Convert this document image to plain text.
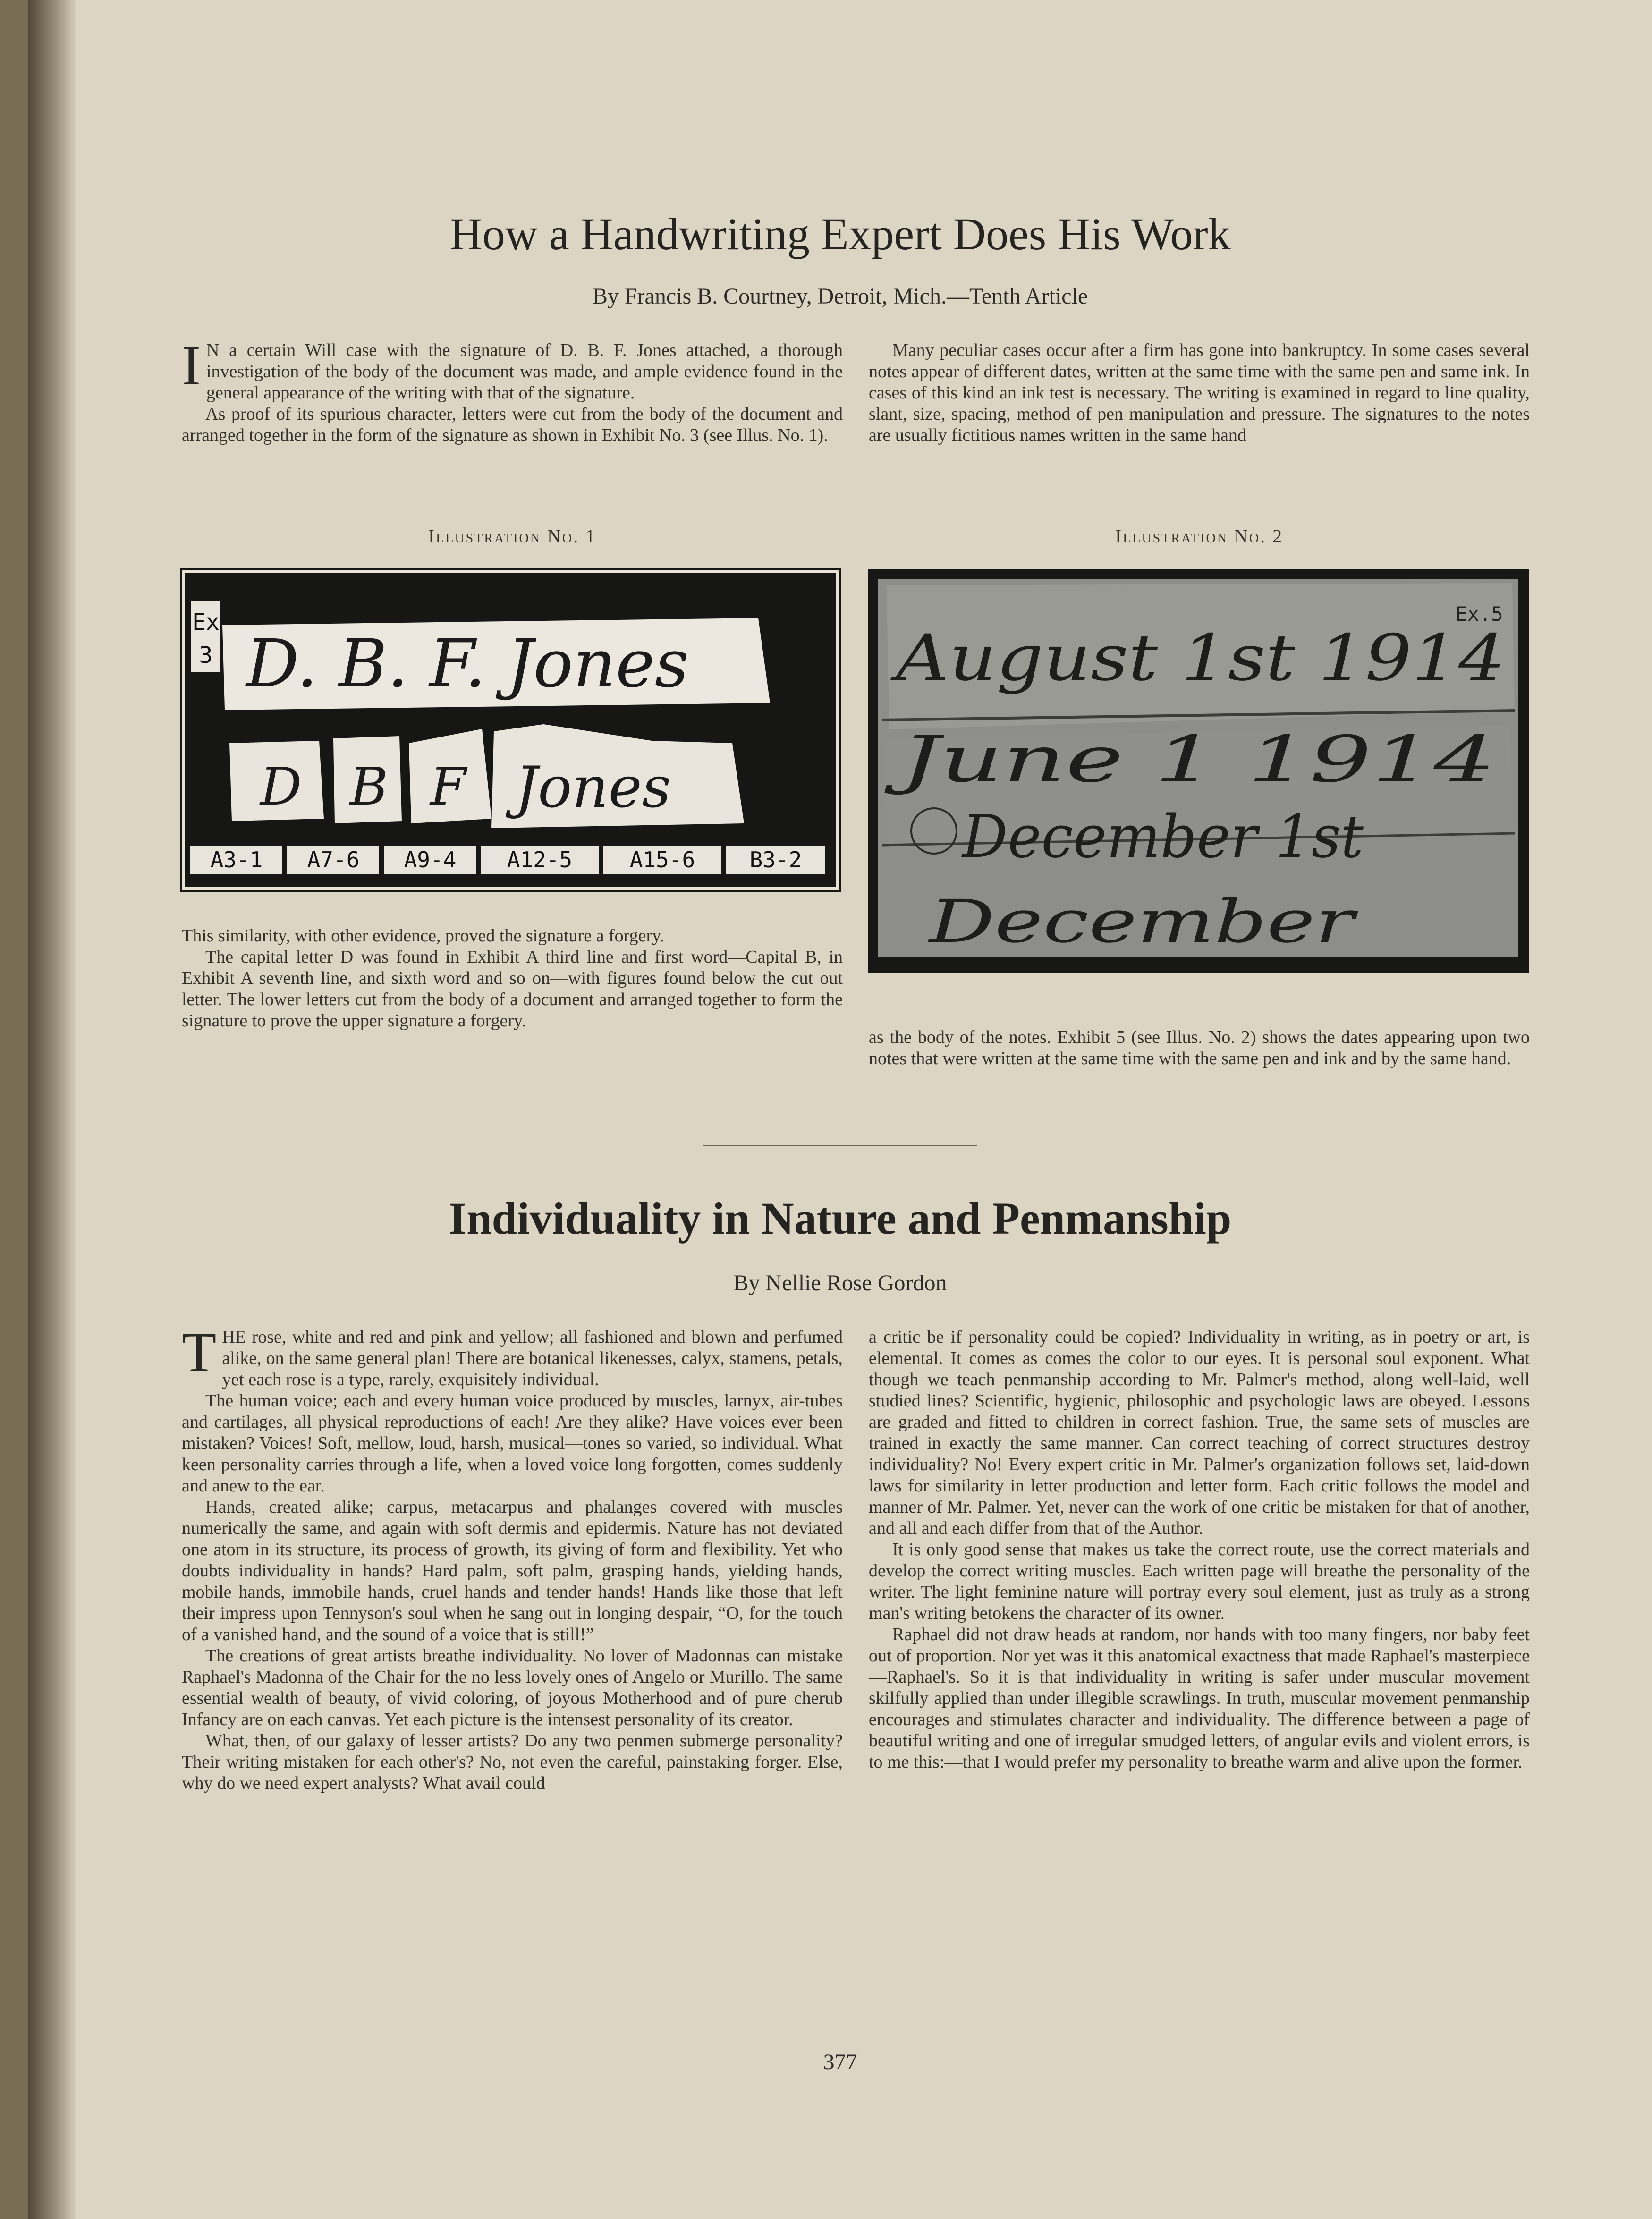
How a Handwriting Expert Does His Work
By Francis B. Courtney, Detroit, Mich.—Tenth Article

I N a certain Will case with the signature of D. B. F. Jones attached, a thorough investigation of the body of the document was made, and ample evidence found in the general appearance of the writing with that of the signature.

As proof of its spurious character, letters were cut from the body of the document and arranged together in the form of the signature as shown in Exhibit No. 3 (see Illus. No. 1).

Many peculiar cases occur after a firm has gone into bankruptcy. In some cases several notes appear of different dates, written at the same time with the same pen and same ink. In cases of this kind an ink test is necessary. The writing is examined in regard to line quality, slant, size, spacing, method of pen manipulation and pressure. The signatures to the notes are usually fictitious names written in the same hand

Illustration No. 1	Illustration No. 2
Ex
3 D. B. F. Jones
D B F Jones
A3-1 A7-6 A9-4 A12-5	A15-6	B3-2
Ex.5
August 1st 1914
June 1 1914
December 1st
December

This similarity, with other evidence, proved the signature a forgery.

The capital letter D was found in Exhibit A third line and first word—Capital B, in Exhibit A seventh line, and sixth word and so on—with figures found below the cut out letter. The lower letters cut from the body of a document and arranged together to form the signature to prove the upper signature a forgery.

as the body of the notes. Exhibit 5 (see Illus. No. 2) shows the dates appearing upon two notes that were written at the same time with the same pen and ink and by the same hand.

Individuality in Nature and Penmanship
By Nellie Rose Gordon

THE rose, white and red and pink and yellow; all fashioned and blown and perfumed alike, on the same general plan! There are botanical likenesses, calyx, stamens, petals, yet each rose is a type, rarely, exquisitely individual.

The human voice; each and every human voice produced by muscles, larnyx, air-tubes and cartilages, all physical reproductions of each! Are they alike? Have voices ever been mistaken? Voices! Soft, mellow, loud, harsh, musical—tones so varied, so individual. What keen personality carries through a life, when a loved voice long forgotten, comes suddenly and anew to the ear.

Hands, created alike; carpus, metacarpus and phalanges covered with muscles numerically the same, and again with soft dermis and epidermis. Nature has not deviated one atom in its structure, its process of growth, its giving of form and flexibility. Yet who doubts individuality in hands? Hard palm, soft palm, grasping hands, yielding hands, mobile hands, immobile hands, cruel hands and tender hands! Hands like those that left their impress upon Tennyson's soul when he sang out in longing despair, “O, for the touch of a vanished hand, and the sound of a voice that is still!”

The creations of great artists breathe individuality. No lover of Madonnas can mistake Raphael's Madonna of the Chair for the no less lovely ones of Angelo or Murillo. The same essential wealth of beauty, of vivid coloring, of joyous Motherhood and of pure cherub Infancy are on each canvas. Yet each picture is the intensest personality of its creator.

What, then, of our galaxy of lesser artists? Do any two penmen submerge personality? Their writing mistaken for each other's? No, not even the careful, painstaking forger. Else, why do we need expert analysts? What avail could

a critic be if personality could be copied? Individuality in writing, as in poetry or art, is elemental. It comes as comes the color to our eyes. It is personal soul exponent. What though we teach penmanship according to Mr. Palmer's method, along well-laid, well studied lines? Scientific, hygienic, philosophic and psychologic laws are obeyed. Lessons are graded and fitted to children in correct fashion. True, the same sets of muscles are trained in exactly the same manner. Can correct teaching of correct structures destroy individuality? No! Every expert critic in Mr. Palmer's organization follows set, laid-down laws for similarity in letter production and letter form. Each critic follows the model and manner of Mr. Palmer. Yet, never can the work of one critic be mistaken for that of another, and all and each differ from that of the Author.

It is only good sense that makes us take the correct route, use the correct materials and develop the correct writing muscles. Each written page will breathe the personality of the writer. The light feminine nature will portray every soul element, just as truly as a strong man's writing betokens the character of its owner.

Raphael did not draw heads at random, nor hands with too many fingers, nor baby feet out of proportion. Nor yet was it this anatomical exactness that made Raphael's masterpiece—Raphael's. So it is that individuality in writing is safer under muscular movement skilfully applied than under illegible scrawlings. In truth, muscular movement penmanship encourages and stimulates character and individuality. The difference between a page of beautiful writing and one of irregular smudged letters, of angular evils and violent errors, is to me this:—that I would prefer my personality to breathe warm and alive upon the former.

377
